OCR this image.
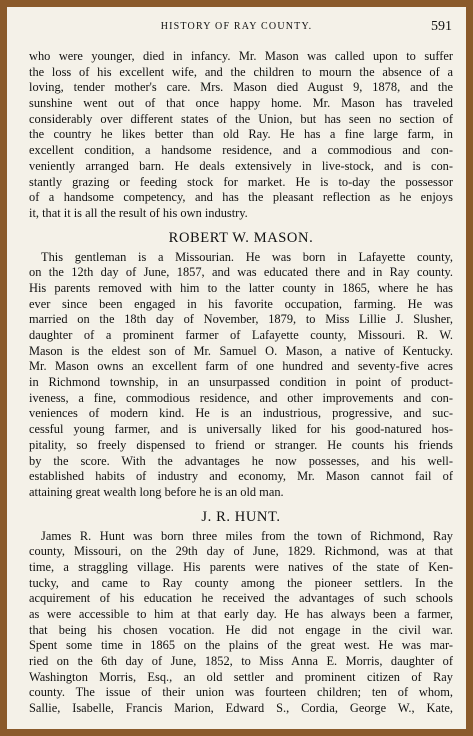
HISTORY OF RAY COUNTY.	591
who were younger, died in infancy. Mr. Mason was called upon to suffer
the loss of his excellent wife, and the children to mourn the absence of a
loving, tender mother's care. Mrs. Mason died August 9, 1878, and the
sunshine went out of that once happy home. Mr. Mason has traveled
considerably over different states of the Union, but has seen no section of
the country he likes better than old Ray. He has a fine large farm, in
excellent condition, a handsome residence, and a commodious and con-
veniently arranged barn. He deals extensively in live-stock, and is con-
stantly grazing or feeding stock for market. He is to-day the possessor
of a handsome competency, and has the pleasant reflection as he enjoys
it, that it is all the result of his own industry.
ROBERT W. MASON.
This gentleman is a Missourian. He was born in Lafayette county,
on the 12th day of June, 1857, and was educated there and in Ray county.
His parents removed with him to the latter county in 1865, where he has
ever since been engaged in his favorite occupation, farming. He was
married on the 18th day of November, 1879, to Miss Lillie J. Slusher,
daughter of a prominent farmer of Lafayette county, Missouri. R. W.
Mason is the eldest son of Mr. Samuel O. Mason, a native of Kentucky.
Mr. Mason owns an excellent farm of one hundred and seventy-five acres
in Richmond township, in an unsurpassed condition in point of product-
iveness, a fine, commodious residence, and other improvements and con-
veniences of modern kind. He is an industrious, progressive, and suc-
cessful young farmer, and is universally liked for his good-natured hos-
pitality, so freely dispensed to friend or stranger. He counts his friends
by the score. With the advantages he now possesses, and his well-
established habits of industry and economy, Mr. Mason cannot fail of
attaining great wealth long before he is an old man.
J. R. HUNT.
James R. Hunt was born three miles from the town of Richmond, Ray
county, Missouri, on the 29th day of June, 1829. Richmond, was at that
time, a straggling village. His parents were natives of the state of Ken-
tucky, and came to Ray county among the pioneer settlers. In the
acquirement of his education he received the advantages of such schools
as were accessible to him at that early day. He has always been a farmer,
that being his chosen vocation. He did not engage in the civil war.
Spent some time in 1865 on the plains of the great west. He was mar-
ried on the 6th day of June, 1852, to Miss Anna E. Morris, daughter of
Washington Morris, Esq., an old settler and prominent citizen of Ray
county. The issue of their union was fourteen children; ten of whom,
Sallie, Isabelle, Francis Marion, Edward S., Cordia, George W., Kate,
